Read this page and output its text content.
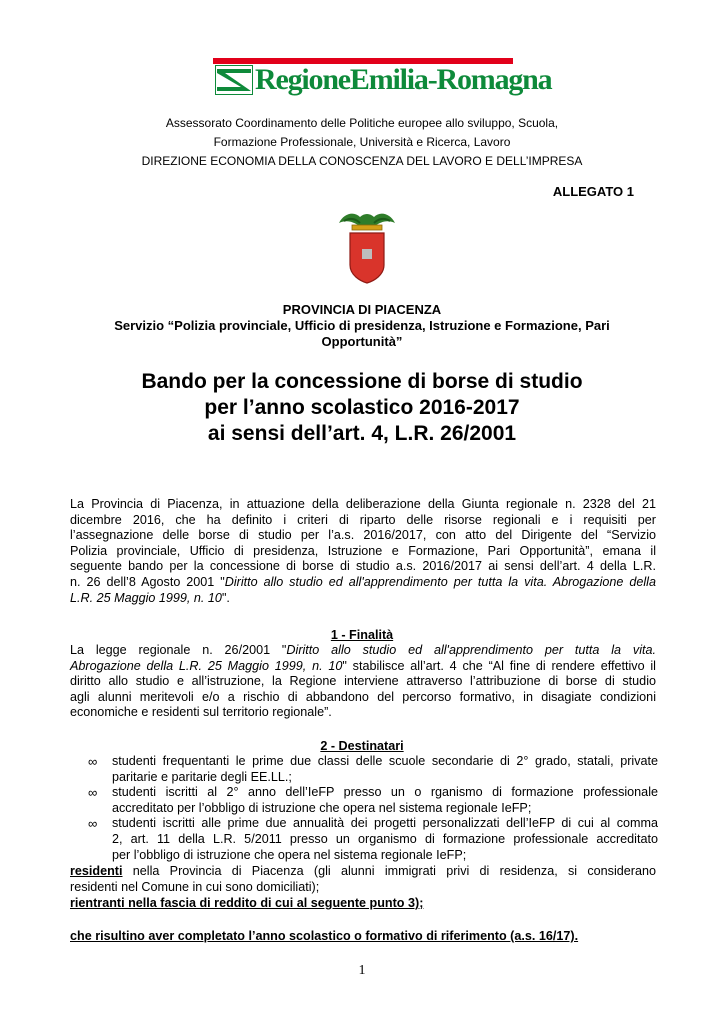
RegioneEmilia-Romagna
Assessorato Coordinamento delle Politiche europee allo sviluppo, Scuola,
Formazione Professionale, Università e Ricerca, Lavoro
DIREZIONE ECONOMIA DELLA CONOSCENZA DEL LAVORO E DELL’IMPRESA
ALLEGATO 1
PROVINCIA DI PIACENZA
Servizio “Polizia provinciale, Ufficio di presidenza, Istruzione e Formazione, Pari
Opportunità”
Bando per la concessione di borse di studio
per l’anno scolastico 2016-2017
ai sensi dell’art. 4, L.R. 26/2001
La Provincia di Piacenza, in attuazione della deliberazione della Giunta regionale n. 2328 del 21
dicembre 2016, che ha definito i criteri di riparto delle risorse regionali e i requisiti per
l’assegnazione delle borse di studio per l’a.s. 2016/2017, con atto del Dirigente del “Servizio
Polizia provinciale, Ufficio di presidenza, Istruzione e Formazione, Pari Opportunità”, emana il
seguente bando per la concessione di borse di studio a.s. 2016/2017 ai sensi dell’art. 4 della L.R.
n. 26 dell’8 Agosto 2001 "Diritto allo studio ed all'apprendimento per tutta la vita. Abrogazione della
L.R. 25 Maggio 1999, n. 10".
1 - Finalità
La legge regionale n. 26/2001 "Diritto allo studio ed all'apprendimento per tutta la vita.
Abrogazione della L.R. 25 Maggio 1999, n. 10" stabilisce all’art. 4 che “Al fine di rendere effettivo il
diritto allo studio e all’istruzione, la Regione interviene attraverso l’attribuzione di borse di studio
agli alunni meritevoli e/o a rischio di abbandono del percorso formativo, in disagiate condizioni
economiche e residenti sul territorio regionale”.
2 - Destinatari
∞ studenti frequentanti le prime due classi delle scuole secondarie di 2° grado, statali, private
paritarie e paritarie degli EE.LL.;
∞ studenti iscritti al 2° anno dell’IeFP presso un o rganismo di formazione professionale
accreditato per l’obbligo di istruzione che opera nel sistema regionale IeFP;
∞ studenti iscritti alle prime due annualità dei progetti personalizzati dell’IeFP di cui al comma
2, art. 11 della L.R. 5/2011 presso un organismo di formazione professionale accreditato
per l’obbligo di istruzione che opera nel sistema regionale IeFP;
residenti nella Provincia di Piacenza (gli alunni immigrati privi di residenza, si considerano
residenti nel Comune in cui sono domiciliati);
rientranti nella fascia di reddito di cui al seguente punto 3);
che risultino aver completato l’anno scolastico o formativo di riferimento (a.s. 16/17).
1
